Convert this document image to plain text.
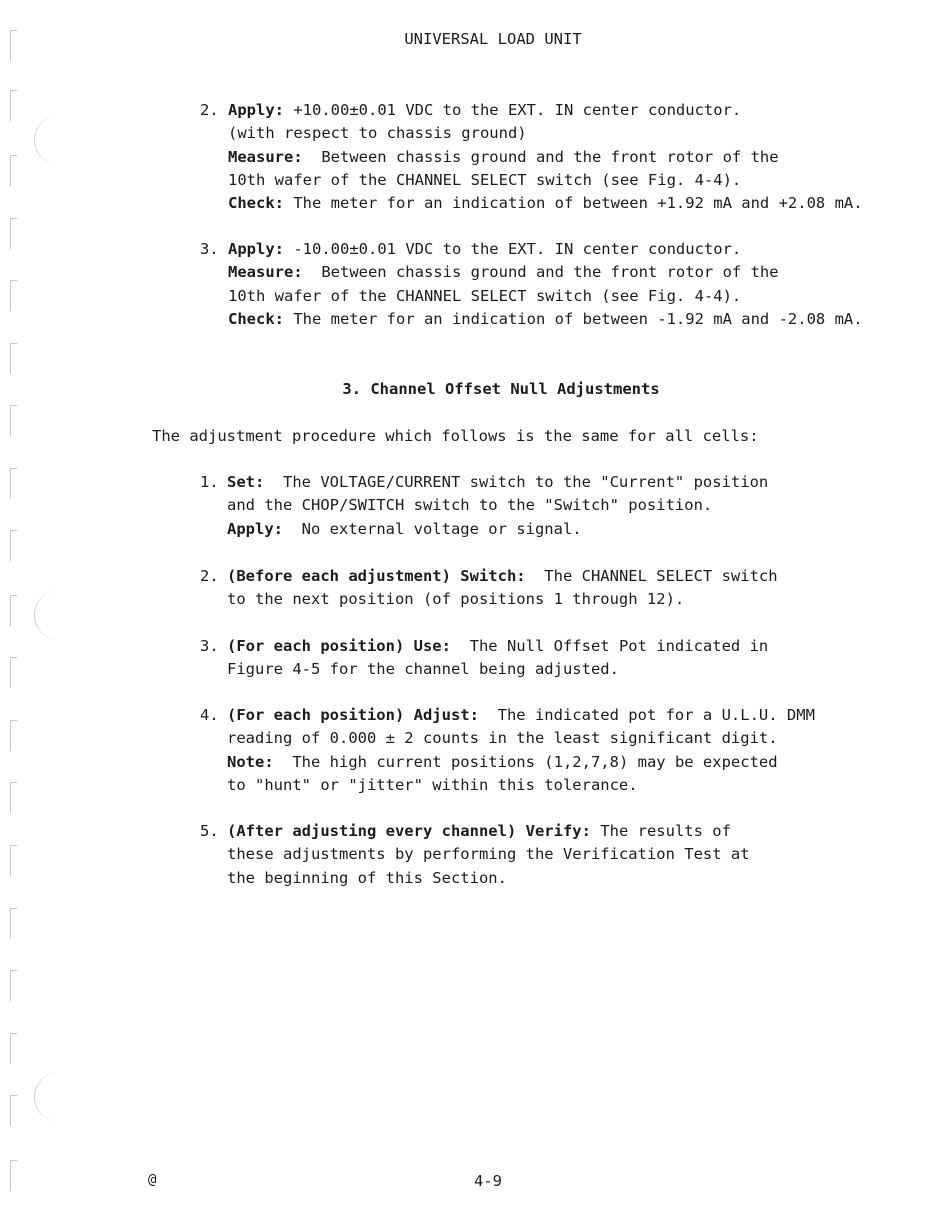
UNIVERSAL LOAD UNIT
2. Apply: +10.00±0.01 VDC to the EXT. IN center conductor.
(with respect to chassis ground)
Measure:  Between chassis ground and the front rotor of the
10th wafer of the CHANNEL SELECT switch (see Fig. 4-4).
Check: The meter for an indication of between +1.92 mA and +2.08 mA.
3. Apply: -10.00±0.01 VDC to the EXT. IN center conductor.
Measure:  Between chassis ground and the front rotor of the
10th wafer of the CHANNEL SELECT switch (see Fig. 4-4).
Check: The meter for an indication of between -1.92 mA and -2.08 mA.
3. Channel Offset Null Adjustments
The adjustment procedure which follows is the same for all cells:
1. Set:  The VOLTAGE/CURRENT switch to the "Current" position
and the CHOP/SWITCH switch to the "Switch" position.
Apply:  No external voltage or signal.
2. (Before each adjustment) Switch:  The CHANNEL SELECT switch
to the next position (of positions 1 through 12).
3. (For each position) Use:  The Null Offset Pot indicated in
Figure 4-5 for the channel being adjusted.
4. (For each position) Adjust:  The indicated pot for a U.L.U. DMM
reading of 0.000 ± 2 counts in the least significant digit.
Note:  The high current positions (1,2,7,8) may be expected
to "hunt" or "jitter" within this tolerance.
5. (After adjusting every channel) Verify: The results of
these adjustments by performing the Verification Test at
the beginning of this Section.
@	4-9
